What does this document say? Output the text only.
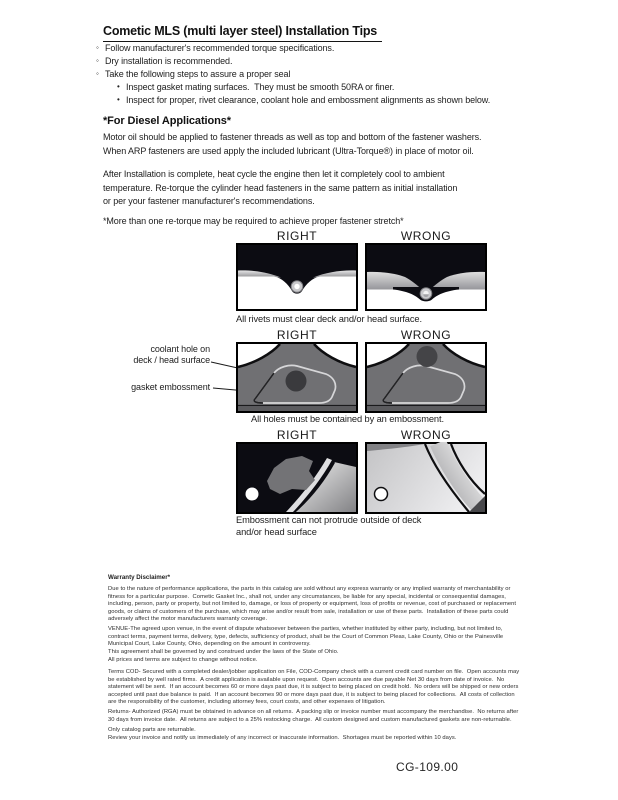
Cometic MLS (multi layer steel) Installation Tips
◦ Follow manufacturer's recommended torque specifications.
◦ Dry installation is recommended.
◦ Take the following steps to assure a proper seal
• Inspect gasket mating surfaces.  They must be smooth 50RA or finer.
• Inspect for proper, rivet clearance, coolant hole and embossment alignments as shown below.
*For Diesel Applications*
Motor oil should be applied to fastener threads as well as top and bottom of the fastener washers.
When ARP fasteners are used apply the included lubricant (Ultra-Torque®) in place of motor oil.
After Installation is complete, heat cycle the engine then let it completely cool to ambient
temperature. Re-torque the cylinder head fasteners in the same pattern as initial installation
or per your fastener manufacturer's recommendations.
*More than one re-torque may be required to achieve proper fastener stretch*
RIGHT	WRONG
All rivets must clear deck and/or head surface.
RIGHT	WRONG
coolant hole on
deck / head surface
gasket embossment
All holes must be contained by an embossment.
RIGHT	WRONG
Embossment can not protrude outside of deck
and/or head surface
Warranty Disclaimer*
Due to the nature of performance applications, the parts in this catalog are sold without any express warranty or any implied warranty of merchantability or
fitness for a particular purpose.  Cometic Gasket Inc., shall not, under any circumstances, be liable for any special, incidental or consequential damages,
including, person, party or property, but not limited to, damage, or loss of property or equipment, loss of profits or revenue, cost of purchased or replacement
goods, or claims of customers of the purchase, which may arise and/or result from sale, installation or use of these parts.  Installation of these parts could
adversely affect the motor manufacturers warranty coverage.
VENUE-The agreed upon venue, in the event of dispute whatsoever between the parties, whether instituted by either party, including, but not limited to,
contract terms, payment terms, delivery, type, defects, sufficiency of product, shall be the Court of Common Pleas, Lake County, Ohio or the Painesville
Municipal Court, Lake County, Ohio, depending on the amount in controversy.
This agreement shall be governed by and construed under the laws of the State of Ohio.
All prices and terms are subject to change without notice.
Terms COD- Secured with a completed dealer/jobber application on File, COD-Company check with a current credit card number on file.  Open accounts may
be established by well rated firms.  A credit application is available upon request.  Open accounts are due payable Net 30 days from date of invoice.  No
statement will be sent.  If an account becomes 60 or more days past due, it is subject to being placed on credit hold.  No orders will be shipped or new orders
accepted until past due balance is paid.  If an account becomes 90 or more days past due, it is subject to being placed for collections.  All costs of collection
are the responsibility of the customer, including attorney fees, court costs, and other expenses of litigation.
Returns- Authorized (RGA) must be obtained in advance on all returns.  A packing slip or invoice number must accompany the merchandise.  No returns after
30 days from invoice date.  All returns are subject to a 25% restocking charge.  All custom designed and custom manufactured gaskets are non-returnable.
Only catalog parts are returnable.
Review your invoice and notify us immediately of any incorrect or inaccurate information.  Shortages must be reported within 10 days.
CG-109.00
